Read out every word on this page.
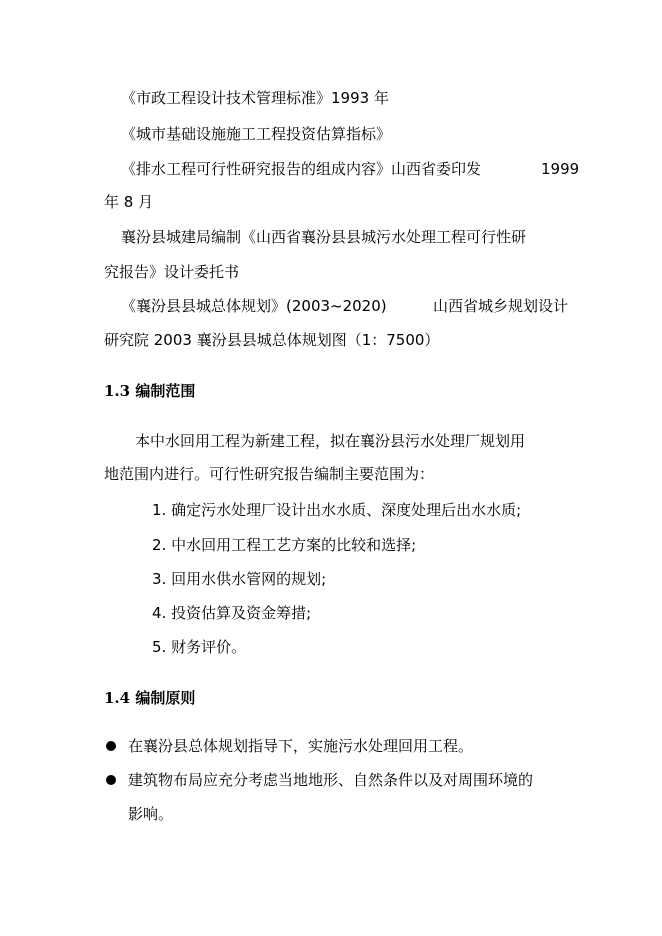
《市政工程设计技术管理标准》1993 年
《城市基础设施施工工程投资估算指标》
《排水工程可行性研究报告的组成内容》山西省委印发	1999
年 8 月
襄汾县城建局编制《山西省襄汾县县城污水处理工程可行性研
究报告》设计委托书
《襄汾县县城总体规划》(2003~2020)	山西省城乡规划设计
研究院 2003 襄汾县县城总体规划图（1：7500）
1.3 编制范围
本中水回用工程为新建工程，拟在襄汾县污水处理厂规划用
地范围内进行。可行性研究报告编制主要范围为：
1. 确定污水处理厂设计出水水质、深度处理后出水水质;
2. 中水回用工程工艺方案的比较和选择;
3. 回用水供水管网的规划;
4. 投资估算及资金筹措;
5. 财务评价。
1.4 编制原则
在襄汾县总体规划指导下，实施污水处理回用工程。
建筑物布局应充分考虑当地地形、自然条件以及对周围环境的
影响。
